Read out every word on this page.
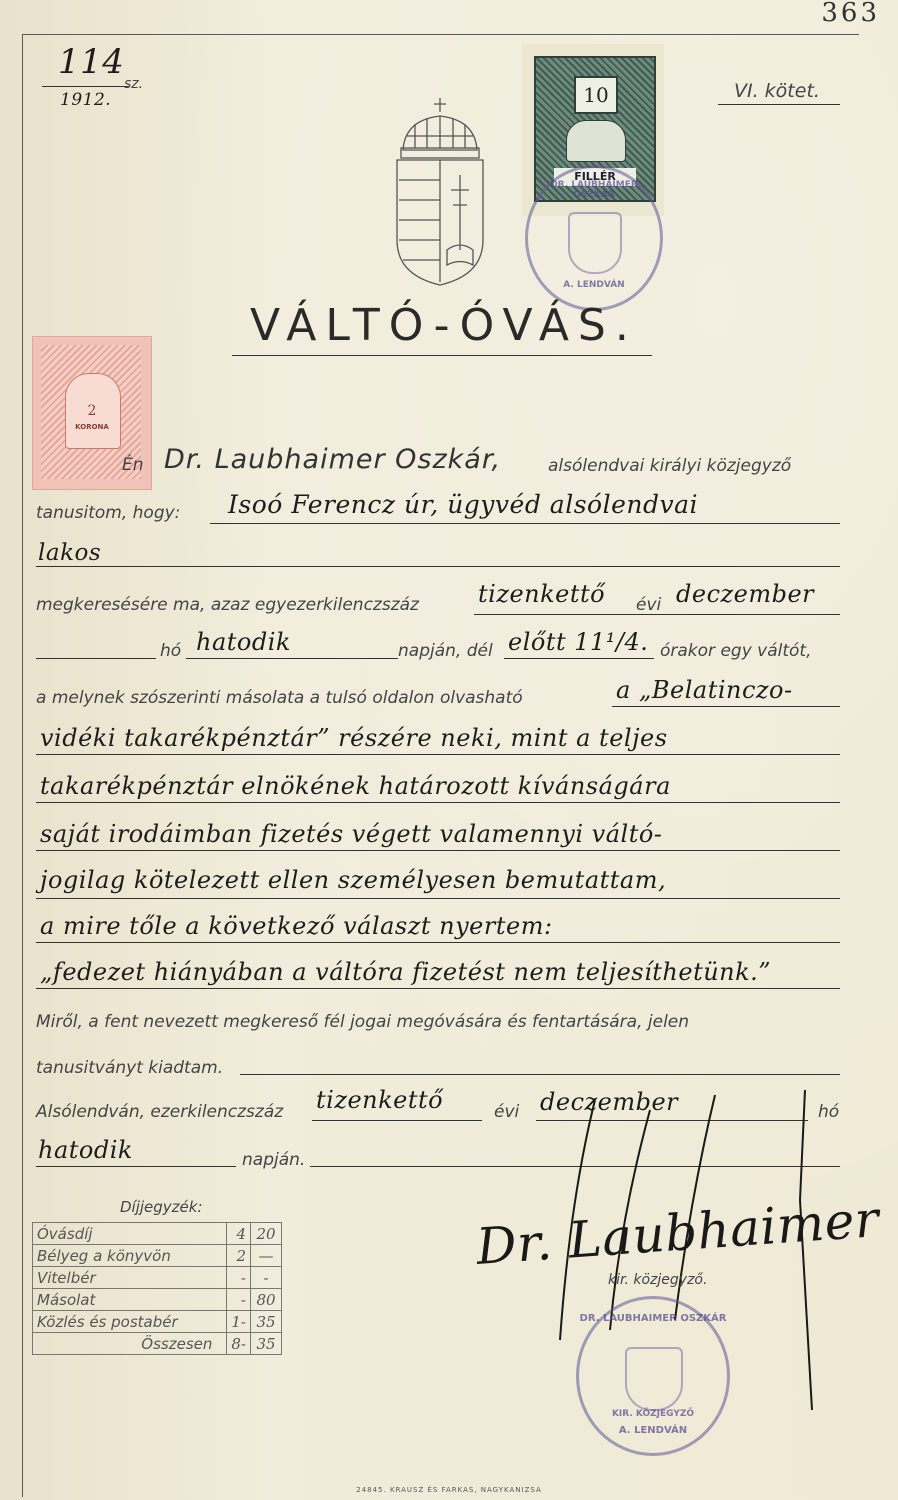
363
114
sz.
1912.	VI. kötet.
10
FILLÉR
DR. LAUBHAIMER OSZKÁR
A. LENDVÁN
VÁLTÓ-ÓVÁS.
2
KORONA
Én Dr. Laubhaimer Oszkár,	alsólendvai királyi közjegyző
tanusitom, hogy: Isoó Ferencz úr, ügyvéd alsólendvai
lakos
megkeresésére ma, azaz egyezerkilenczszáz tizenkettő évi deczember
hó hatodik	napján, dél előtt 11¹/4. órakor egy váltót,
a melynek szószerinti másolata a tulsó oldalon olvasható	a „Belatinczo-
vidéki takarékpénztár” részére neki, mint a teljes
takarékpénztár elnökének határozott kívánságára
saját irodáimban fizetés végett valamennyi váltó-
jogilag kötelezett ellen személyesen bemutattam,
a mire tőle a következő választ nyertem:
„fedezet hiányában a váltóra fizetést nem teljesíthetünk.”
Miről, a fent nevezett megkereső fél jogai megóvására és fentartására, jelen
tanusitványt kiadtam.
Alsólendván, ezerkilenczszáz tizenkettő	évi deczember	hó
hatodik	napján.
Díjjegyzék:
Óvásdíj	4	20
Bélyeg a könyvön	2	—
Vitelbér	-	-
Másolat	-	80
Közlés és postabér	1-	35
Összesen	8-	35
Dr. Laubhaimer
kir. közjegyző.
DR. LAUBHAIMER OSZKÁR
KIR. KÖZJEGYZŐ
A. LENDVÁN
24845. KRAUSZ ÉS FARKAS, NAGYKANIZSA
